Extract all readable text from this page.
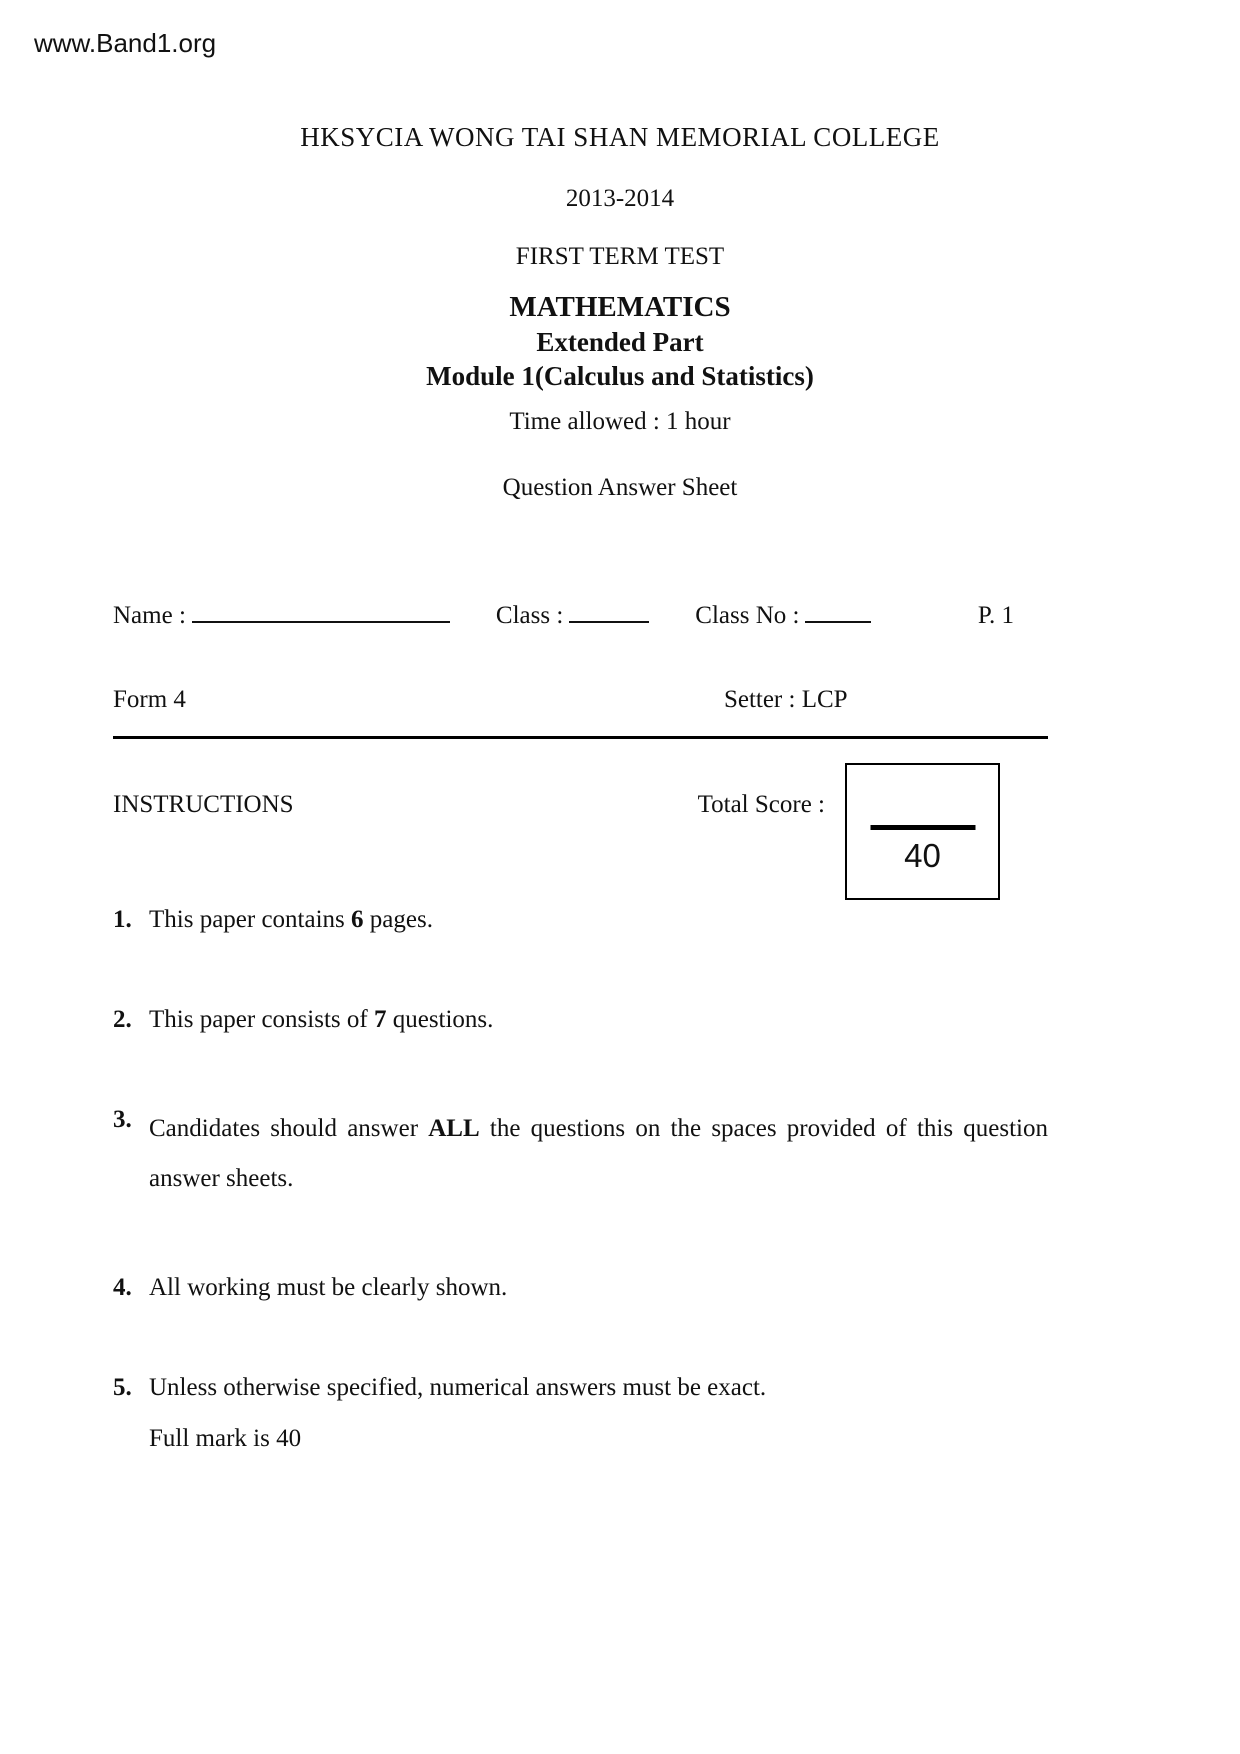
www.Band1.org
HKSYCIA WONG TAI SHAN MEMORIAL COLLEGE
2013-2014
FIRST TERM TEST
MATHEMATICS
Extended Part
Module 1(Calculus and Statistics)
Time allowed : 1 hour
Question Answer Sheet
Name :	Class :	Class No :	P. 1
Form 4	Setter : LCP
INSTRUCTIONS	Total Score :
40
1. This paper contains 6 pages.

2. This paper consists of 7 questions.

3. Candidates should answer ALL the questions on the spaces provided of this question answer sheets.

4. All working must be clearly shown.

5. Unless otherwise specified, numerical answers must be exact.

Full mark is 40
